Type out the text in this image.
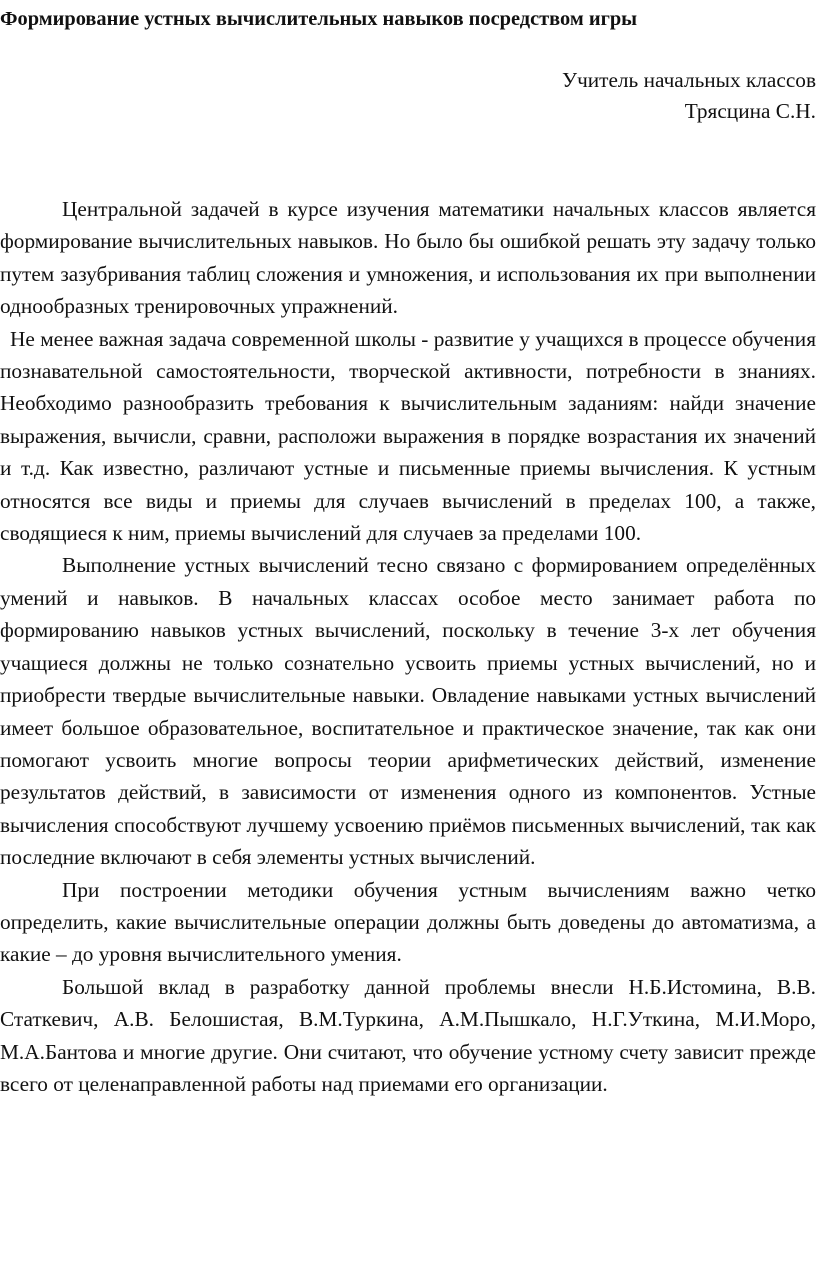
Формирование устных вычислительных навыков посредством игры
Учитель начальных классов
Трясцина С.Н.

Центральной задачей в курсе изучения математики начальных классов является формирование вычислительных навыков. Но было бы ошибкой решать эту задачу только путем зазубривания таблиц сложения и умножения, и использования их при выполнении однообразных тренировочных упражнений.

Не менее важная задача современной школы - развитие у учащихся в процессе обучения познавательной самостоятельности, творческой активности, потребности в знаниях. Необходимо разнообразить требования к вычислительным заданиям: найди значение выражения, вычисли, сравни, расположи выражения в порядке возрастания их значений и т.д. Как известно, различают устные и письменные приемы вычисления. К устным относятся все виды и приемы для случаев вычислений в пределах 100, а также, сводящиеся к ним, приемы вычислений для случаев за пределами 100.

Выполнение устных вычислений тесно связано с формированием определённых умений и навыков. В начальных классах особое место занимает работа по формированию навыков устных вычислений, поскольку в течение 3-х лет обучения учащиеся должны не только сознательно усвоить приемы устных вычислений, но и приобрести твердые вычислительные навыки. Овладение навыками устных вычислений имеет большое образовательное, воспитательное и практическое значение, так как они помогают усвоить многие вопросы теории арифметических действий, изменение результатов действий, в зависимости от изменения одного из компонентов. Устные вычисления способствуют лучшему усвоению приёмов письменных вычислений, так как последние включают в себя элементы устных вычислений.

При построении методики обучения устным вычислениям важно четко определить, какие вычислительные операции должны быть доведены до автоматизма, а какие – до уровня вычислительного умения.

Большой вклад в разработку данной проблемы внесли Н.Б.Истомина, В.В. Статкевич, А.В. Белошистая, В.М.Туркина, А.М.Пышкало, Н.Г.Уткина, М.И.Моро, М.А.Бантова и многие другие. Они считают, что обучение устному счету зависит прежде всего от целенаправленной работы над приемами его организации.
